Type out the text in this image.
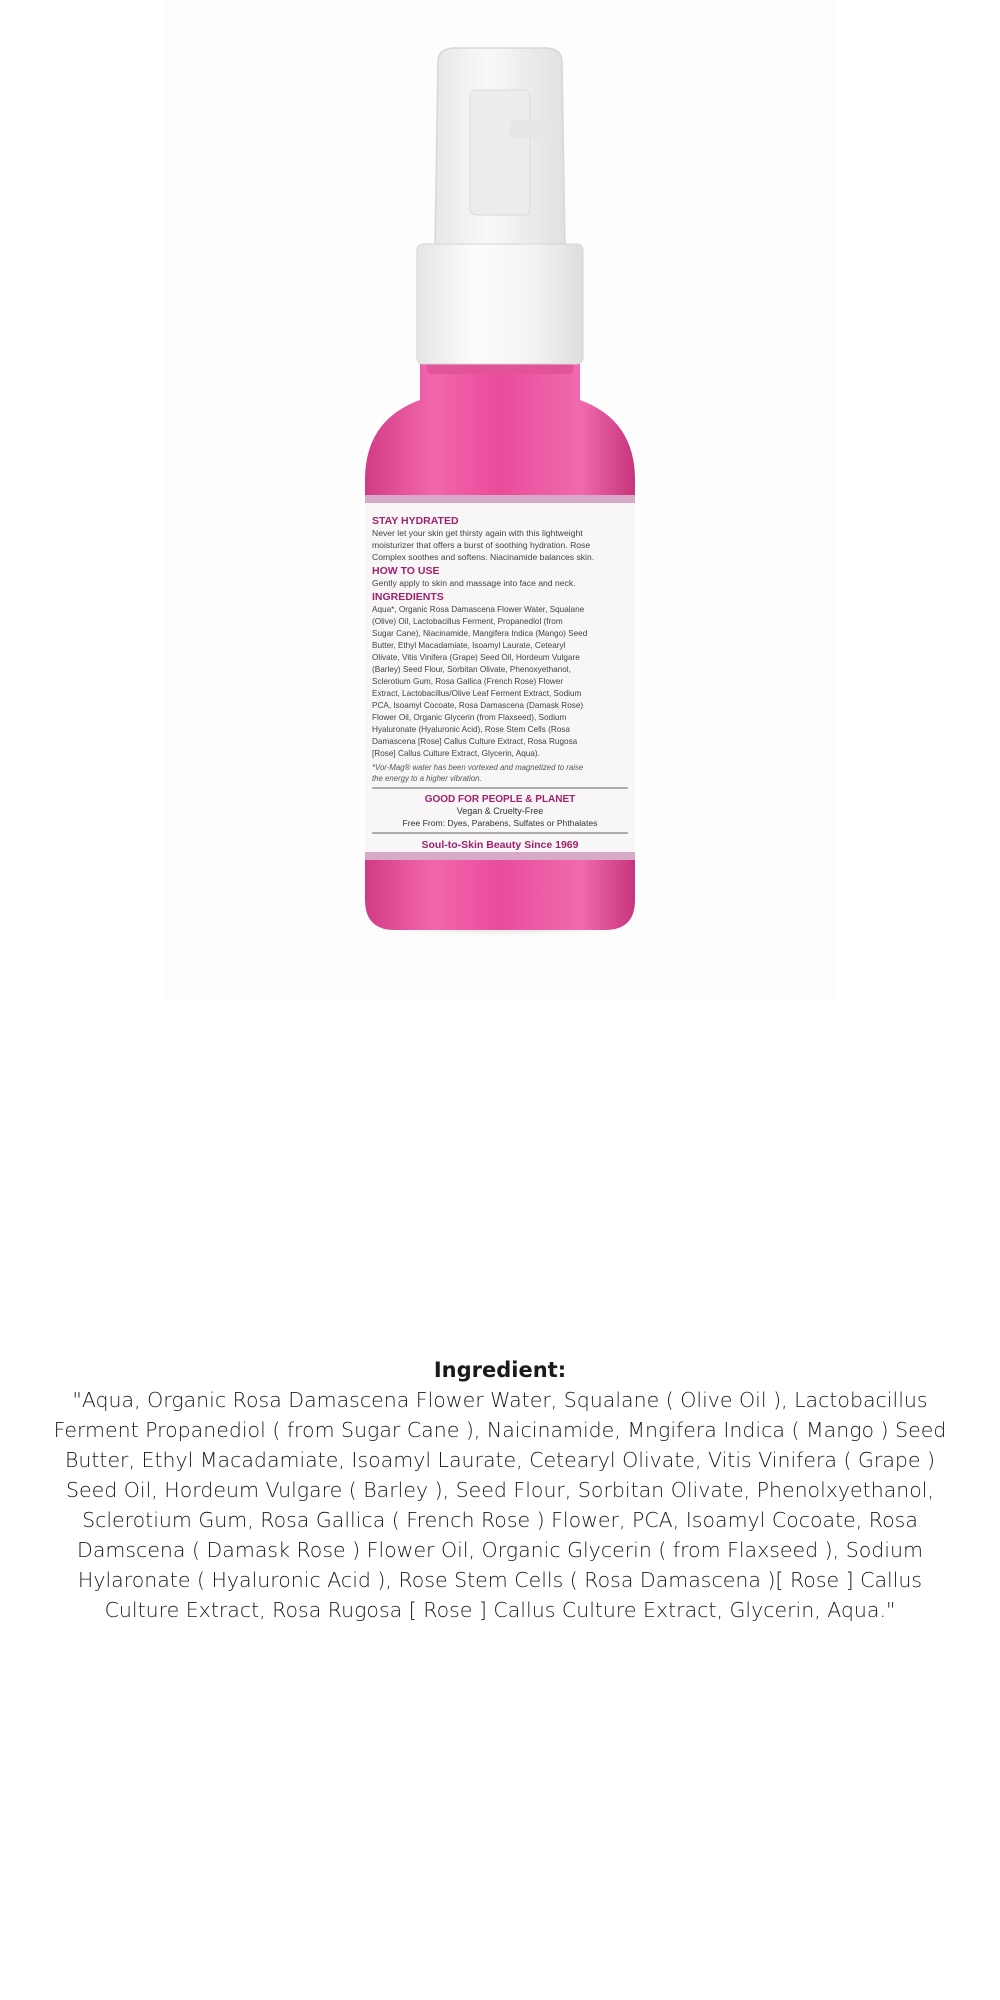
STAY HYDRATED
Never let your skin get thirsty again with this lightweight
moisturizer that offers a burst of soothing hydration. Rose
Complex soothes and softens. Niacinamide balances skin.
HOW TO USE
Gently apply to skin and massage into face and neck.
INGREDIENTS
Aqua*, Organic Rosa Damascena Flower Water, Squalane
(Olive) Oil, Lactobacillus Ferment, Propanediol (from
Sugar Cane), Niacinamide, Mangifera Indica (Mango) Seed
Butter, Ethyl Macadamiate, Isoamyl Laurate, Cetearyl
Olivate, Vitis Vinifera (Grape) Seed Oil, Hordeum Vulgare
(Barley) Seed Flour, Sorbitan Olivate, Phenoxyethanol,
Sclerotium Gum, Rosa Gallica (French Rose) Flower
Extract, Lactobacillus/Olive Leaf Ferment Extract, Sodium
PCA, Isoamyl Cocoate, Rosa Damascena (Damask Rose)
Flower Oil, Organic Glycerin (from Flaxseed), Sodium
Hyaluronate (Hyaluronic Acid), Rose Stem Cells (Rosa
Damascena [Rose] Callus Culture Extract, Rosa Rugosa
[Rose] Callus Culture Extract, Glycerin, Aqua).
*Vor-Mag® water has been vortexed and magnetized to raise
the energy to a higher vibration.
GOOD FOR PEOPLE & PLANET
Vegan & Cruelty-Free
Free From: Dyes, Parabens, Sulfates or Phthalates
Soul-to-Skin Beauty Since 1969
Ingredient:
"Aqua, Organic Rosa Damascena Flower Water, Squalane ( Olive Oil ), Lactobacillus Ferment Propanediol ( from Sugar Cane ), Naicinamide, Mngifera Indica ( Mango ) Seed Butter, Ethyl Macadamiate, Isoamyl Laurate, Cetearyl Olivate, Vitis Vinifera ( Grape ) Seed Oil, Hordeum Vulgare ( Barley ), Seed Flour, Sorbitan Olivate, Phenolxyethanol, Sclerotium Gum, Rosa Gallica ( French Rose ) Flower, PCA, Isoamyl Cocoate, Rosa Damscena ( Damask Rose ) Flower Oil, Organic Glycerin ( from Flaxseed ), Sodium Hylaronate ( Hyaluronic Acid ), Rose Stem Cells ( Rosa Damascena )[ Rose ] Callus Culture Extract, Rosa Rugosa [ Rose ] Callus Culture Extract, Glycerin, Aqua."
